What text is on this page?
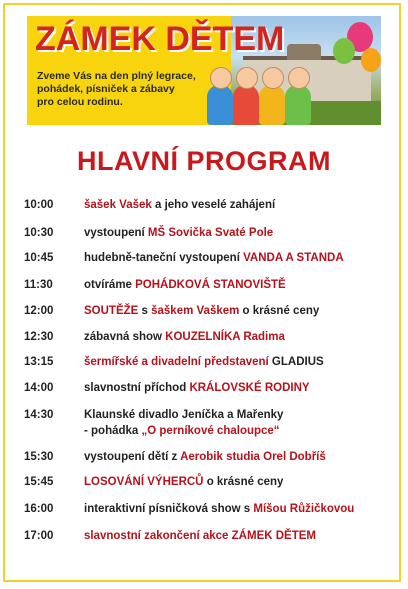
ZÁMEK DĚTEM
Zveme Vás na den plný legrace,
pohádek, písniček a zábavy
pro celou rodinu.
HLAVNÍ PROGRAM
10:00	šašek Vašek a jeho veselé zahájení
10:30	vystoupení MŠ Sovička Svaté Pole
10:45	hudebně-taneční vystoupení VANDA A STANDA
11:30	otvíráme POHÁDKOVÁ STANOVIŠTĚ
12:00	SOUTĚŽE s šaškem Vaškem o krásné ceny
12:30	zábavná show KOUZELNÍKA Radima
13:15	šermířské a divadelní představení GLADIUS
14:00	slavnostní příchod KRÁLOVSKÉ RODINY
14:30	Klaunské divadlo Jeníčka a Mařenky
- pohádka „O perníkové chaloupce“
15:30	vystoupení dětí z Aerobik studia Orel Dobříš
15:45	LOSOVÁNÍ VÝHERCŮ o krásné ceny
16:00	interaktivní písničková show s Míšou Růžičkovou
17:00	slavnostní zakončení akce ZÁMEK DĚTEM
